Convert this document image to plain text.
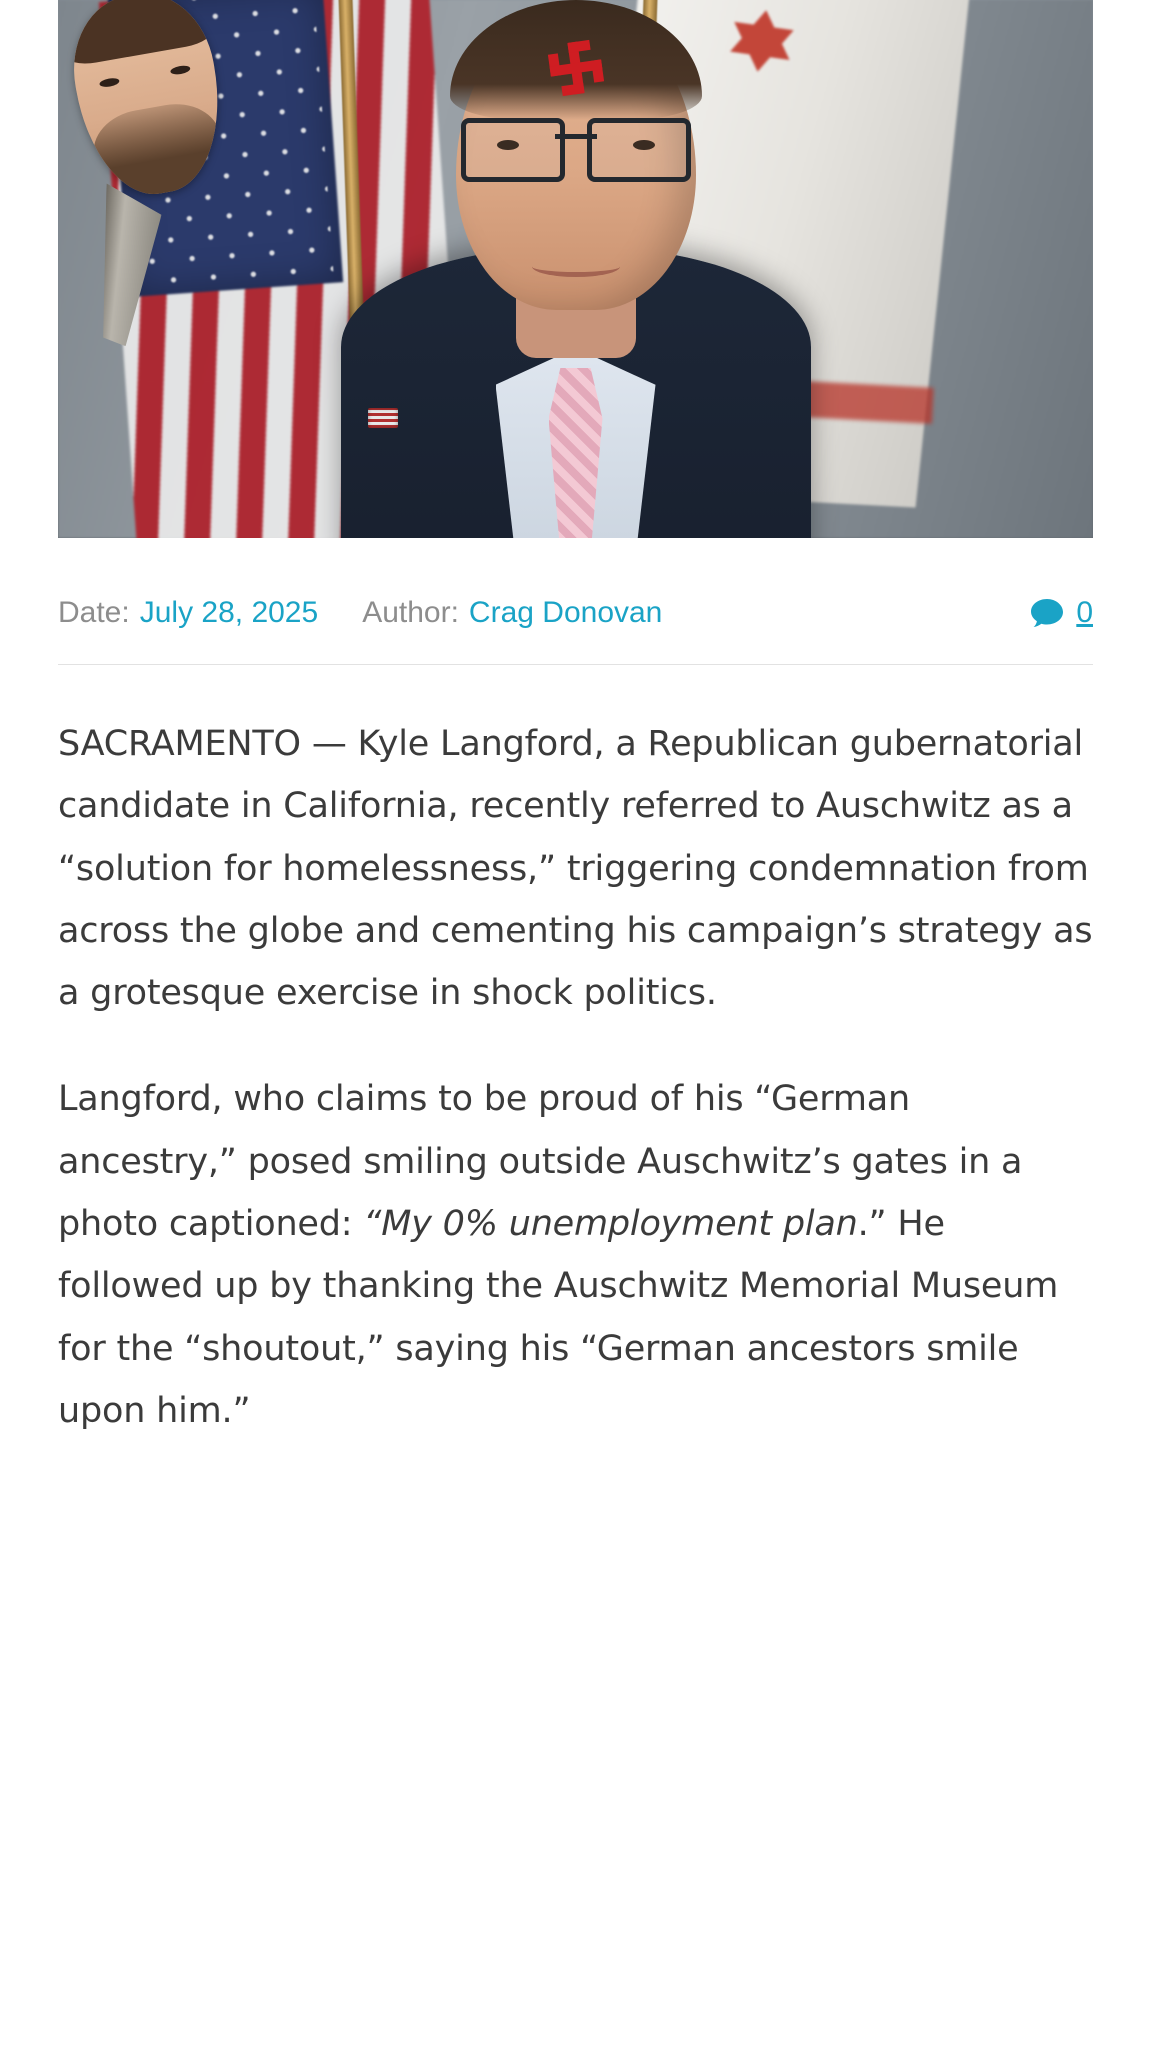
Date: July 28, 2025 Author: Crag Donovan	0

SACRAMENTO — Kyle Langford, a Republican gubernatorial candidate in California, recently referred to Auschwitz as a “solution for homelessness,” triggering condemnation from across the globe and cementing his campaign’s strategy as a grotesque exercise in shock politics.

Langford, who claims to be proud of his “German ancestry,” posed smiling outside Auschwitz’s gates in a photo captioned: “My 0% unemployment plan.” He followed up by thanking the Auschwitz Memorial Museum for the “shoutout,” saying his “German ancestors smile upon him.”
